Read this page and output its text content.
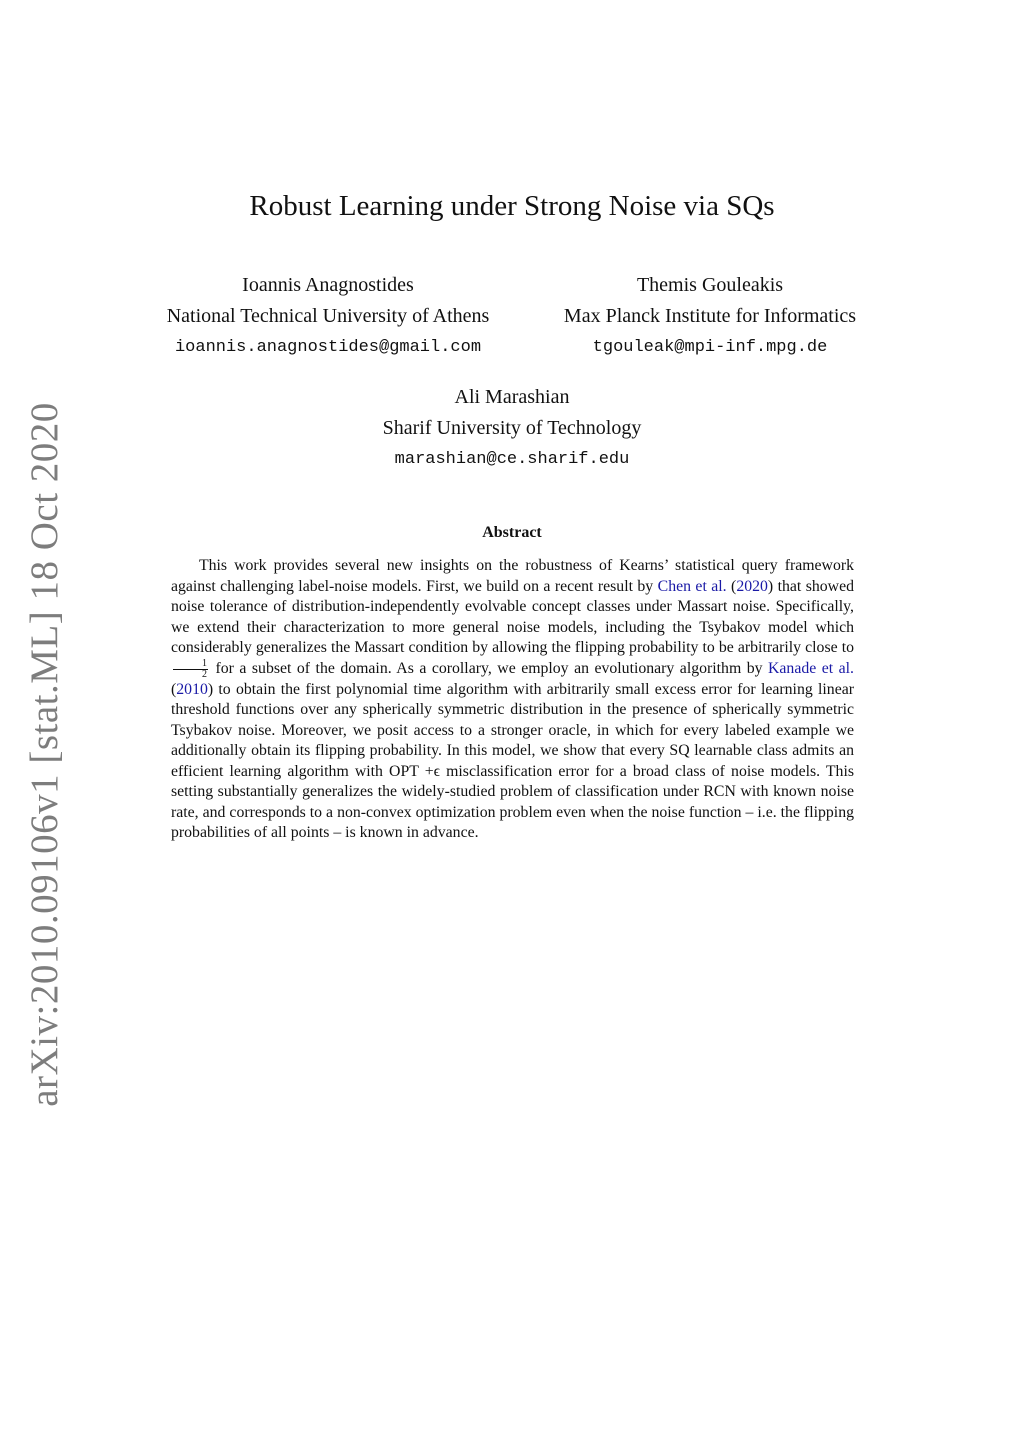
arXiv:2010.09106v1 [stat.ML] 18 Oct 2020
Robust Learning under Strong Noise via SQs
Ioannis Anagnostides
National Technical University of Athens
ioannis.anagnostides@gmail.com
Themis Gouleakis
Max Planck Institute for Informatics
tgouleak@mpi-inf.mpg.de
Ali Marashian
Sharif University of Technology
marashian@ce.sharif.edu
Abstract
This work provides several new insights on the robustness of Kearns’ statistical query framework against challenging label-noise models. First, we build on a recent result by Chen et al. (2020) that showed noise tolerance of distribution-independently evolvable concept classes under Massart noise. Specifically, we extend their characterization to more general noise models, including the Tsybakov model which considerably generalizes the Massart condition by allowing the flipping probability to be arbitrarily close to
$\frac{1}{2}$ for a subset of the domain. As a corollary, we employ an evolutionary algorithm by Kanade et al. (2010) to obtain the first polynomial time algorithm with arbitrarily small excess error for learning linear threshold functions over any spherically symmetric distribution in the presence of spherically symmetric Tsybakov noise. Moreover, we posit access to a stronger oracle, in which for every labeled example we additionally obtain its flipping probability. In this model, we show that every SQ learnable class admits an efficient learning algorithm with OPT +ϵ misclassification error for a broad class of noise models. This setting substantially generalizes the widely-studied problem of classification under RCN with known noise rate, and corresponds to a non-convex optimization problem even when the noise function – i.e. the flipping probabilities of all points – is known in advance.
